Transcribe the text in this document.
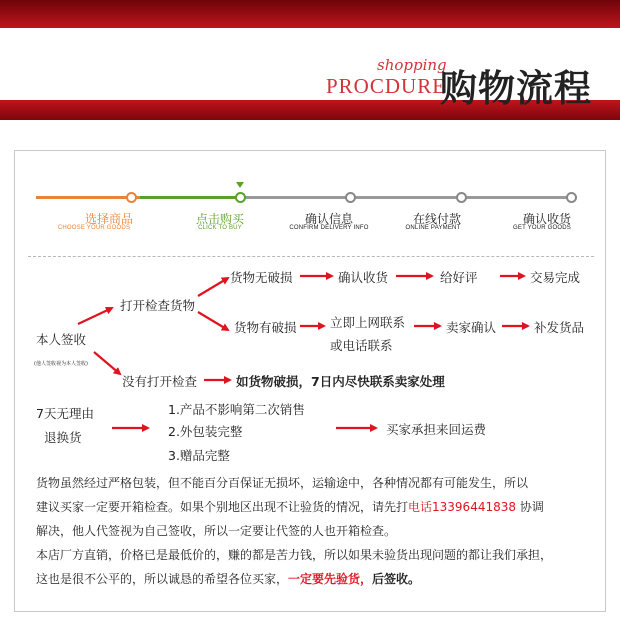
shopping
PROCDURE
购物流程
选择商品
CHOOSE YOUR GOODS
点击购买
CLICK TO BUY
确认信息
CONFIRM DELIVERY INFO
在线付款
ONLINE PAYMENT
确认收货
GET YOUR GOODS
本人签收
(他人签收视为本人签收)
打开检查货物
货物无破损	确认收货	给好评	交易完成
货物有破损	立即上网联系
或电话联系
卖家确认	补发货品
没有打开检查	如货物破损，7日内尽快联系卖家处理
7天无理由
退换货
1.产品不影响第二次销售
2.外包装完整
3.赠品完整
买家承担来回运费
货物虽然经过严格包装，但不能百分百保证无损坏，运输途中，各种情况都有可能发生，所以
建议买家一定要开箱检查。如果个别地区出现不让验货的情况，请先打电话13396441838 协调
解决，他人代签视为自己签收，所以一定要让代签的人也开箱检查。
本店厂方直销，价格已是最低价的，赚的都是苦力钱，所以如果未验货出现问题的都让我们承担，
这也是很不公平的，所以诚恳的希望各位买家，一定要先验货，后签收。
